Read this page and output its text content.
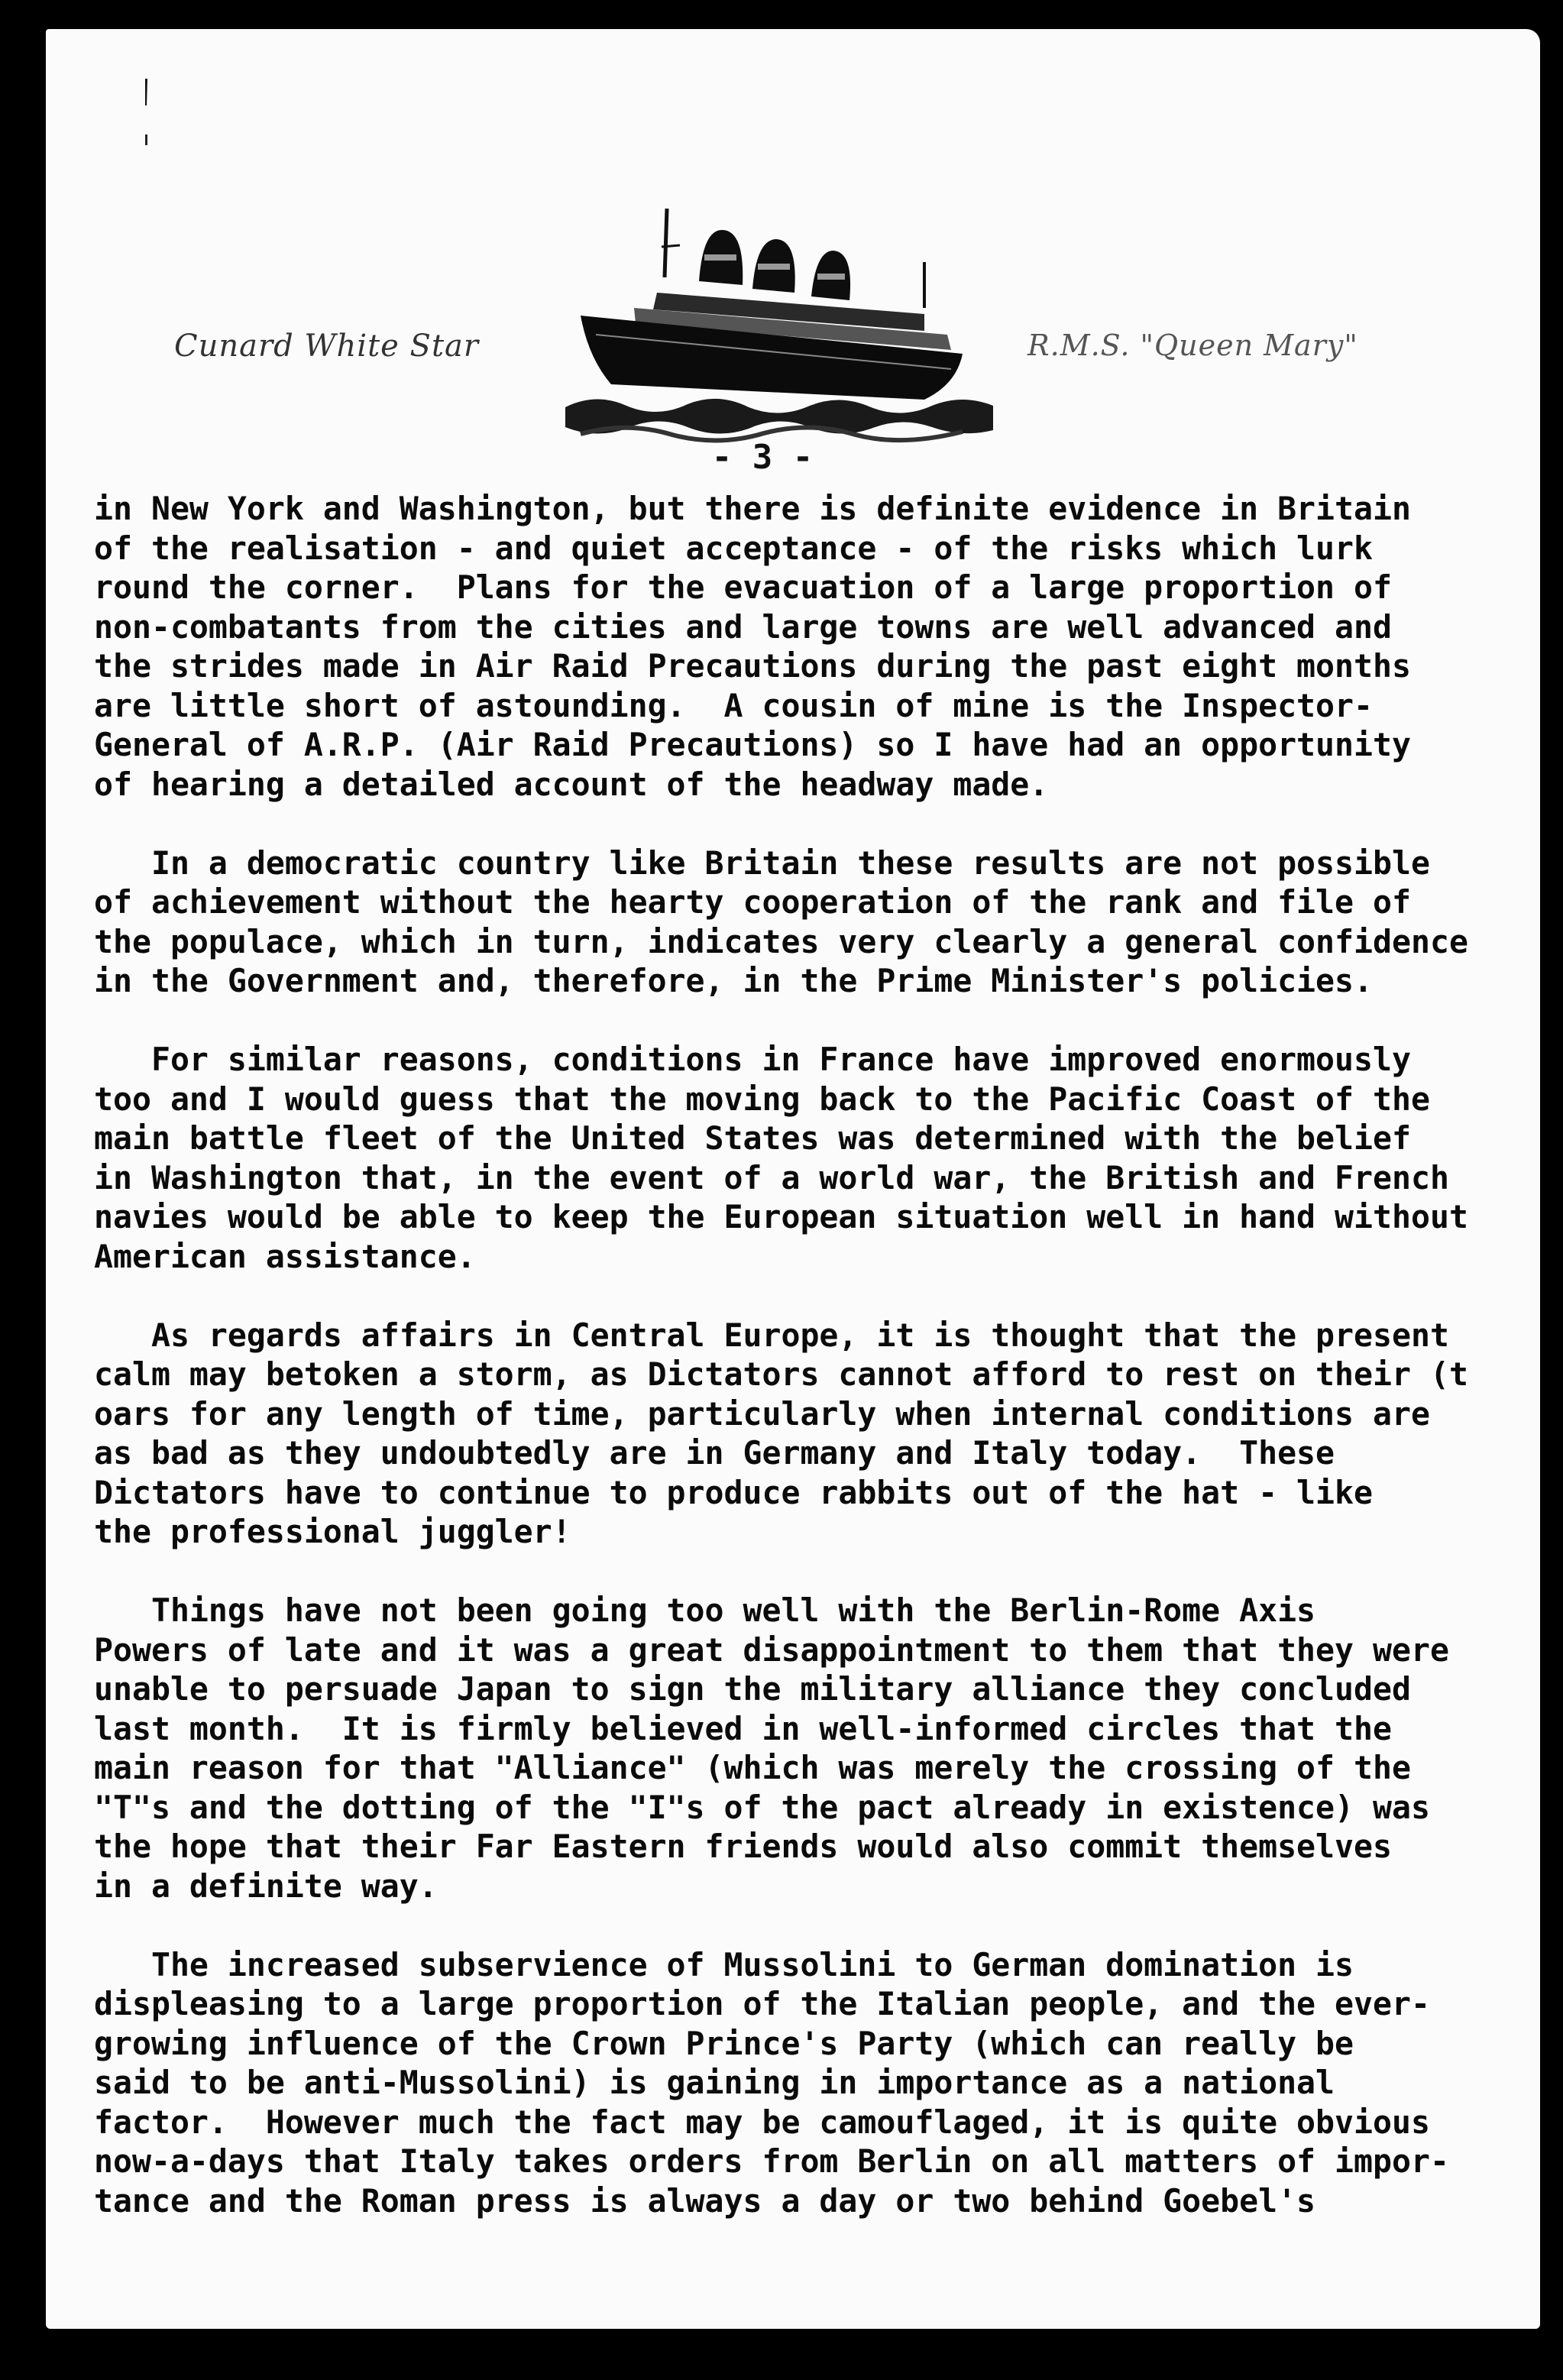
Cunard White Star	R.M.S. "Queen Mary"
- 3 -
in New York and Washington, but there is definite evidence in Britain
of the realisation - and quiet acceptance - of the risks which lurk
round the corner.  Plans for the evacuation of a large proportion of
non-combatants from the cities and large towns are well advanced and
the strides made in Air Raid Precautions during the past eight months
are little short of astounding.  A cousin of mine is the Inspector-
General of A.R.P. (Air Raid Precautions) so I have had an opportunity
of hearing a detailed account of the headway made.
In a democratic country like Britain these results are not possible
of achievement without the hearty cooperation of the rank and file of
the populace, which in turn, indicates very clearly a general confidence
in the Government and, therefore, in the Prime Minister's policies.
For similar reasons, conditions in France have improved enormously
too and I would guess that the moving back to the Pacific Coast of the
main battle fleet of the United States was determined with the belief
in Washington that, in the event of a world war, the British and French
navies would be able to keep the European situation well in hand without
American assistance.
As regards affairs in Central Europe, it is thought that the present
calm may betoken a storm, as Dictators cannot afford to rest on their (t
oars for any length of time, particularly when internal conditions are
as bad as they undoubtedly are in Germany and Italy today.  These
Dictators have to continue to produce rabbits out of the hat - like
the professional juggler!
Things have not been going too well with the Berlin-Rome Axis
Powers of late and it was a great disappointment to them that they were
unable to persuade Japan to sign the military alliance they concluded
last month.  It is firmly believed in well-informed circles that the
main reason for that "Alliance" (which was merely the crossing of the
"T"s and the dotting of the "I"s of the pact already in existence) was
the hope that their Far Eastern friends would also commit themselves
in a definite way.
The increased subservience of Mussolini to German domination is
displeasing to a large proportion of the Italian people, and the ever-
growing influence of the Crown Prince's Party (which can really be
said to be anti-Mussolini) is gaining in importance as a national
factor.  However much the fact may be camouflaged, it is quite obvious
now-a-days that Italy takes orders from Berlin on all matters of impor-
tance and the Roman press is always a day or two behind Goebel's
